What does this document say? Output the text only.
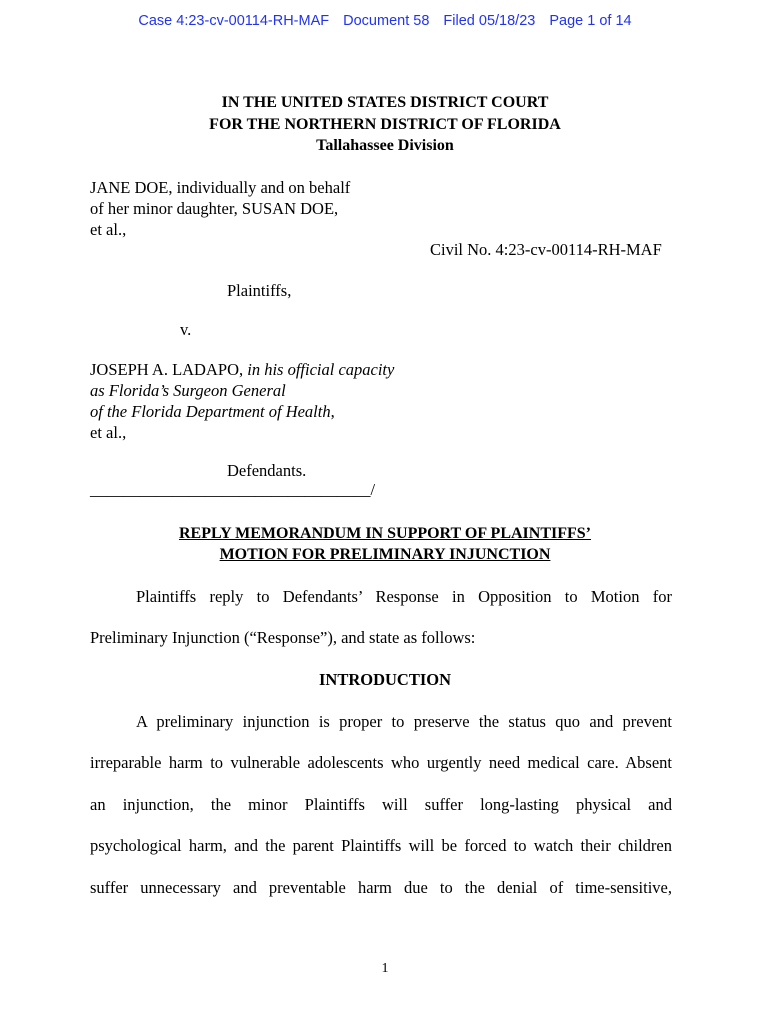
Case 4:23-cv-00114-RH-MAF Document 58 Filed 05/18/23 Page 1 of 14
IN THE UNITED STATES DISTRICT COURT
FOR THE NORTHERN DISTRICT OF FLORIDA
Tallahassee Division
JANE DOE, individually and on behalf
of her minor daughter, SUSAN DOE,
et al.,
Civil No. 4:23-cv-00114-RH-MAF
Plaintiffs,
v.
JOSEPH A. LADAPO, in his official capacity
as Florida’s Surgeon General
of the Florida Department of Health,
et al.,
Defendants.
__________________________________/
REPLY MEMORANDUM IN SUPPORT OF PLAINTIFFS’
MOTION FOR PRELIMINARY INJUNCTION
Plaintiffs reply to Defendants’ Response in Opposition to Motion for
Preliminary Injunction (“Response”), and state as follows:
INTRODUCTION
A preliminary injunction is proper to preserve the status quo and prevent
irreparable harm to vulnerable adolescents who urgently need medical care. Absent
an injunction, the minor Plaintiffs will suffer long-lasting physical and
psychological harm, and the parent Plaintiffs will be forced to watch their children
suffer unnecessary and preventable harm due to the denial of time-sensitive,
1
